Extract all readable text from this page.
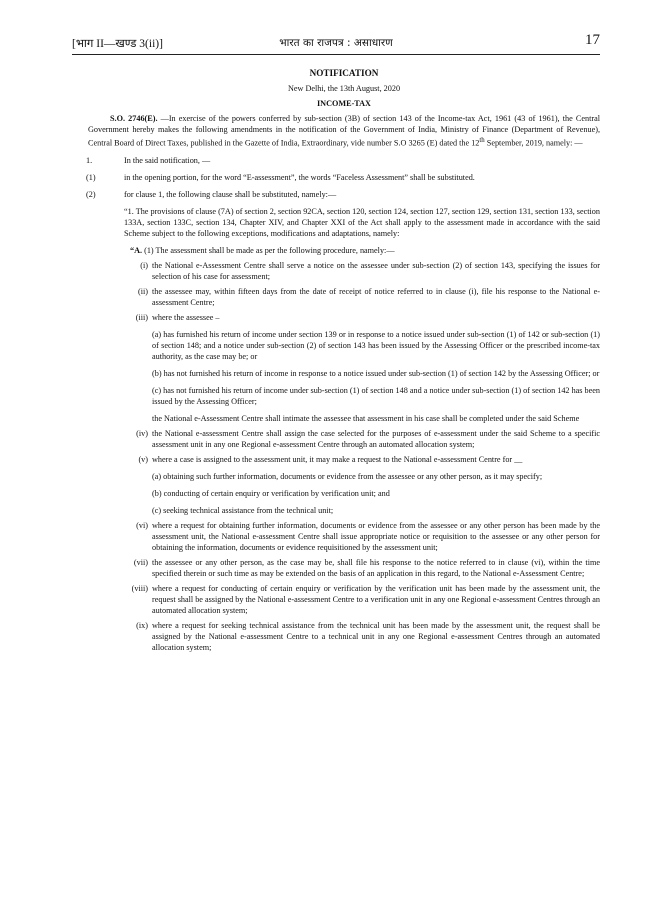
[भाग II—खण्ड 3(ii)]	भारत का राजपत्र : असाधारण	17

NOTIFICATION

New Delhi, the 13th August, 2020

INCOME-TAX

S.O. 2746(E). —In exercise of the powers conferred by sub-section (3B) of section 143 of the Income-tax Act, 1961 (43 of 1961), the Central Government hereby makes the following amendments in the notification of the Government of India, Ministry of Finance (Department of Revenue), Central Board of Direct Taxes, published in the Gazette of India, Extraordinary, vide number S.O 3265 (E) dated the 12th September, 2019, namely: —

1.	In the said notification, —
(1)	in the opening portion, for the word “E-assessment”, the words “Faceless Assessment” shall be substituted.
(2)	for clause 1, the following clause shall be substituted, namely:—

“1. The provisions of clause (7A) of section 2, section 92CA, section 120, section 124, section 127, section 129, section 131, section 133, section 133A, section 133C, section 134, Chapter XIV, and Chapter XXI of the Act shall apply to the assessment made in accordance with the said Scheme subject to the following exceptions, modifications and adaptations, namely:

“A. (1) The assessment shall be made as per the following procedure, namely:—

(i) the National e-Assessment Centre shall serve a notice on the assessee under sub-section (2) of section 143, specifying the issues for selection of his case for assessment;
(ii) the assessee may, within fifteen days from the date of receipt of notice referred to in clause (i), file his response to the National e-assessment Centre;
(iii) where the assessee –

(a) has furnished his return of income under section 139 or in response to a notice issued under sub-section (1) of 142 or sub-section (1) of section 148; and a notice under sub-section (2) of section 143 has been issued by the Assessing Officer or the prescribed income-tax authority, as the case may be; or

(b) has not furnished his return of income in response to a notice issued under sub-section (1) of section 142 by the Assessing Officer; or

(c) has not furnished his return of income under sub-section (1) of section 148 and a notice under sub-section (1) of section 142 has been issued by the Assessing Officer;

the National e-Assessment Centre shall intimate the assessee that assessment in his case shall be completed under the said Scheme

(iv) the National e-assessment Centre shall assign the case selected for the purposes of e-assessment under the said Scheme to a specific assessment unit in any one Regional e-assessment Centre through an automated allocation system;
(v) where a case is assigned to the assessment unit, it may make a request to the National e-assessment Centre for __

(a) obtaining such further information, documents or evidence from the assessee or any other person, as it may specify;

(b) conducting of certain enquiry or verification by verification unit; and

(c) seeking technical assistance from the technical unit;

(vi) where a request for obtaining further information, documents or evidence from the assessee or any other person has been made by the assessment unit, the National e-assessment Centre shall issue appropriate notice or requisition to the assessee or any other person for obtaining the information, documents or evidence requisitioned by the assessment unit;
(vii) the assessee or any other person, as the case may be, shall file his response to the notice referred to in clause (vi), within the time specified therein or such time as may be extended on the basis of an application in this regard, to the National e-Assessment Centre;
(viii) where a request for conducting of certain enquiry or verification by the verification unit has been made by the assessment unit, the request shall be assigned by the National e-assessment Centre to a verification unit in any one Regional e-assessment Centres through an automated allocation system;
(ix) where a request for seeking technical assistance from the technical unit has been made by the assessment unit, the request shall be assigned by the National e-assessment Centre to a technical unit in any one Regional e-assessment Centres through an automated allocation system;
